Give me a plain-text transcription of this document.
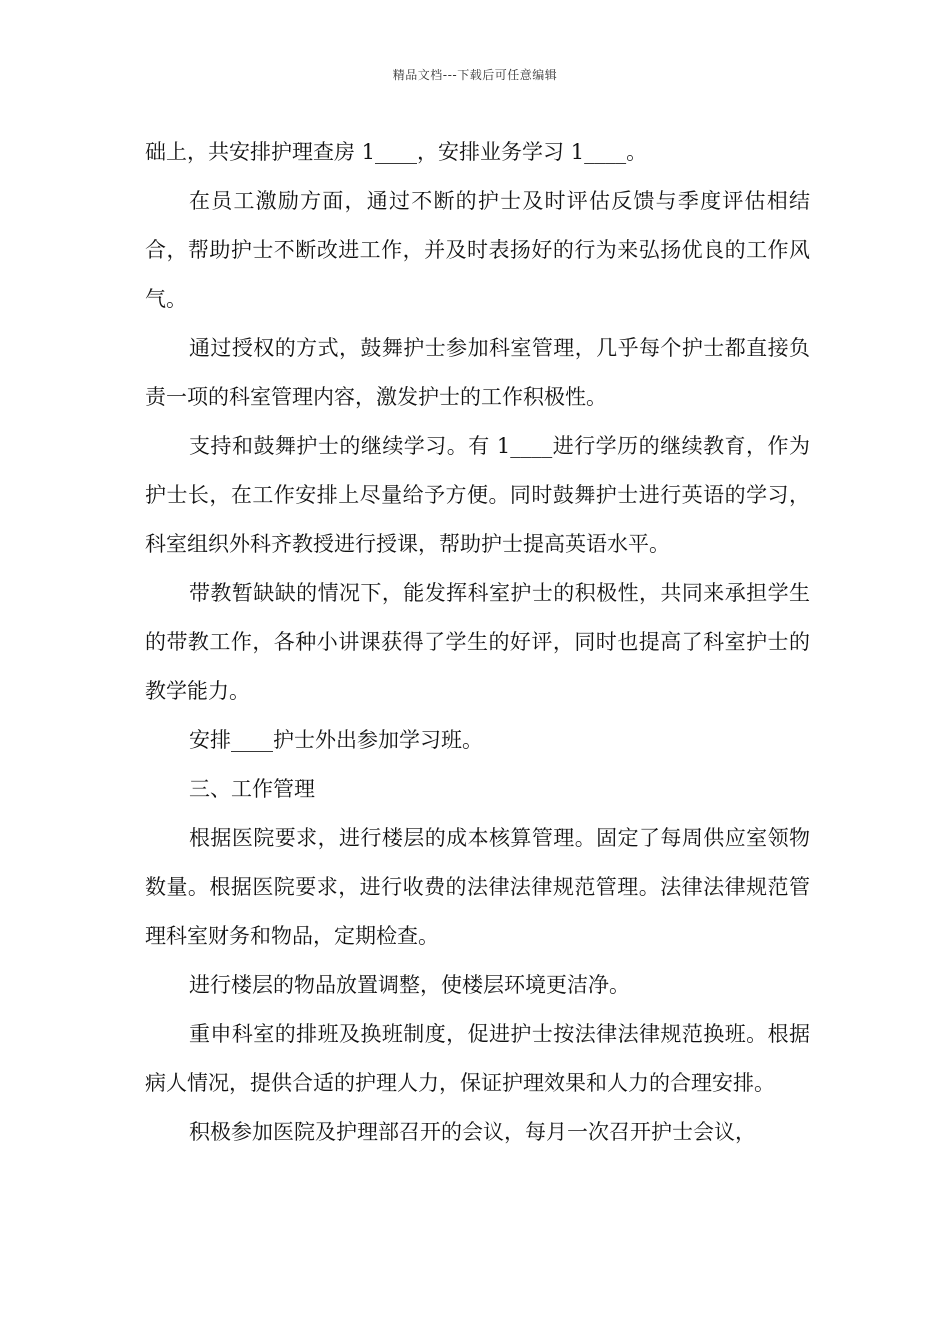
精品文档---下载后可任意编辑

础上，共安排护理查房 1____，安排业务学习 1____。

在员工激励方面，通过不断的护士及时评估反馈与季度评估相结合，帮助护士不断改进工作，并及时表扬好的行为来弘扬优良的工作风气。

通过授权的方式，鼓舞护士参加科室管理，几乎每个护士都直接负责一项的科室管理内容，激发护士的工作积极性。

支持和鼓舞护士的继续学习。有 1____进行学历的继续教育，作为护士长，在工作安排上尽量给予方便。同时鼓舞护士进行英语的学习，科室组织外科齐教授进行授课，帮助护士提高英语水平。

带教暂缺缺的情况下，能发挥科室护士的积极性，共同来承担学生的带教工作，各种小讲课获得了学生的好评，同时也提高了科室护士的教学能力。

安排____护士外出参加学习班。

三、工作管理

根据医院要求，进行楼层的成本核算管理。固定了每周供应室领物数量。根据医院要求，进行收费的法律法律规范管理。法律法律规范管理科室财务和物品，定期检查。

进行楼层的物品放置调整，使楼层环境更洁净。

重申科室的排班及换班制度，促进护士按法律法律规范换班。根据病人情况，提供合适的护理人力，保证护理效果和人力的合理安排。

积极参加医院及护理部召开的会议，每月一次召开护士会议，
